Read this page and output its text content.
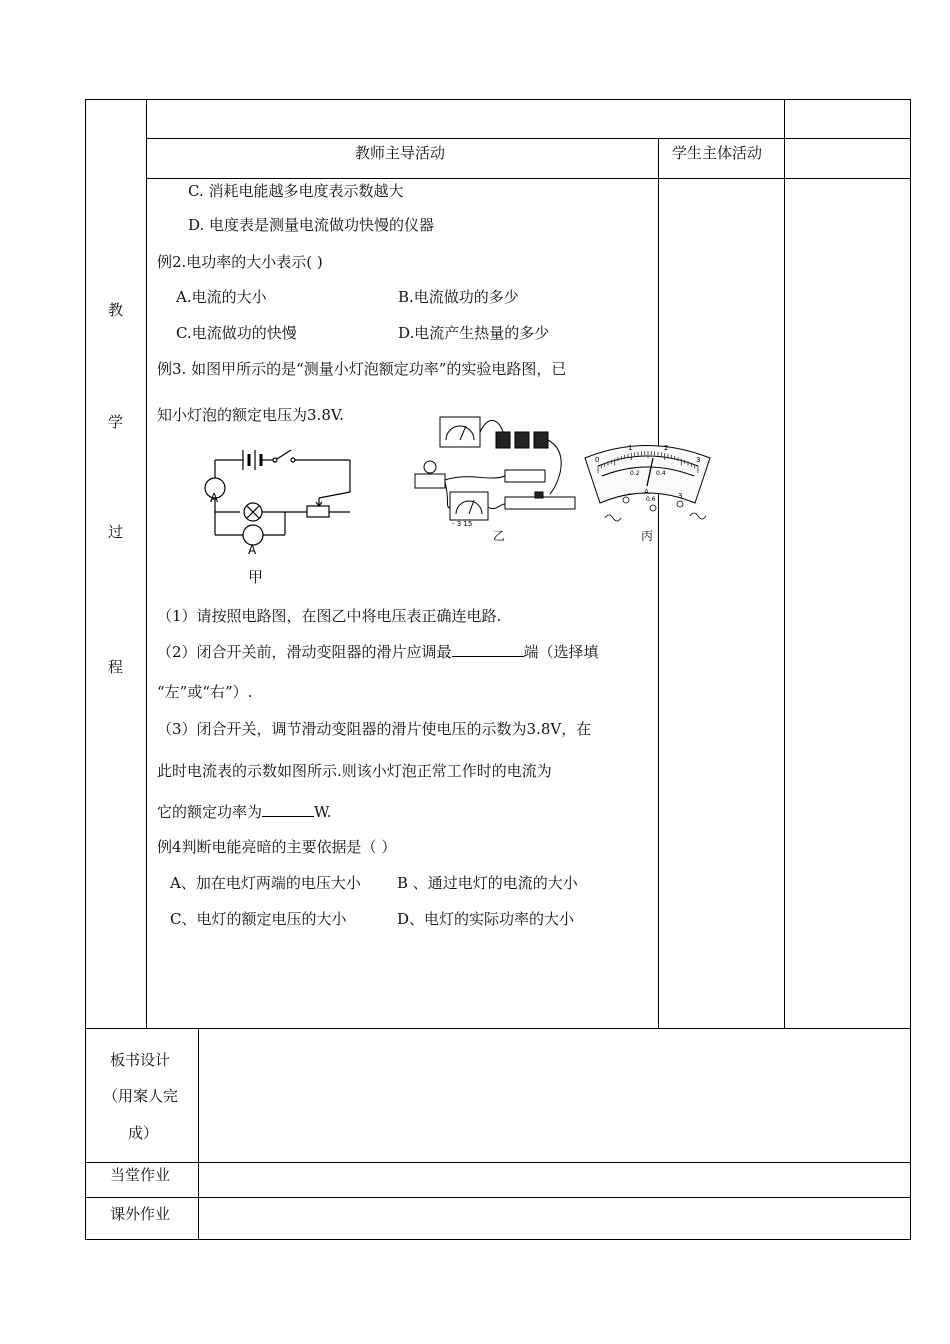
教师主导活动	学生主体活动
教
学
过
程
C. 消耗电能越多电度表示数越大
D. 电度表是测量电流做功快慢的仪器
例2.电功率的大小表示( )
A.电流的大小	B.电流做功的多少
C.电流做功的快慢	D.电流产生热量的多少
例3. 如图甲所示的是“测量小灯泡额定功率”的实验电路图，已
知小灯泡的额定电压为3.8V.
A
A
甲
- 3 15
乙
0
1	2
3
0.2	0.4
A
-
0.6	3
丙
（1）请按照电路图，在图乙中将电压表正确连电路.
（2）闭合开关前，滑动变阻器的滑片应调最	端（选择填
“左”或“右”）.
（3）闭合开关，调节滑动变阻器的滑片使电压的示数为3.8V，在
此时电流表的示数如图所示.则该小灯泡正常工作时的电流为
它的额定功率为	W.
例4判断电能亮暗的主要依据是（ ）
A、加在电灯两端的电压大小 B 、通过电灯的电流的大小
C、电灯的额定电压的大小	D、电灯的实际功率的大小
板书设计
（用案人完
成）
当堂作业
课外作业
